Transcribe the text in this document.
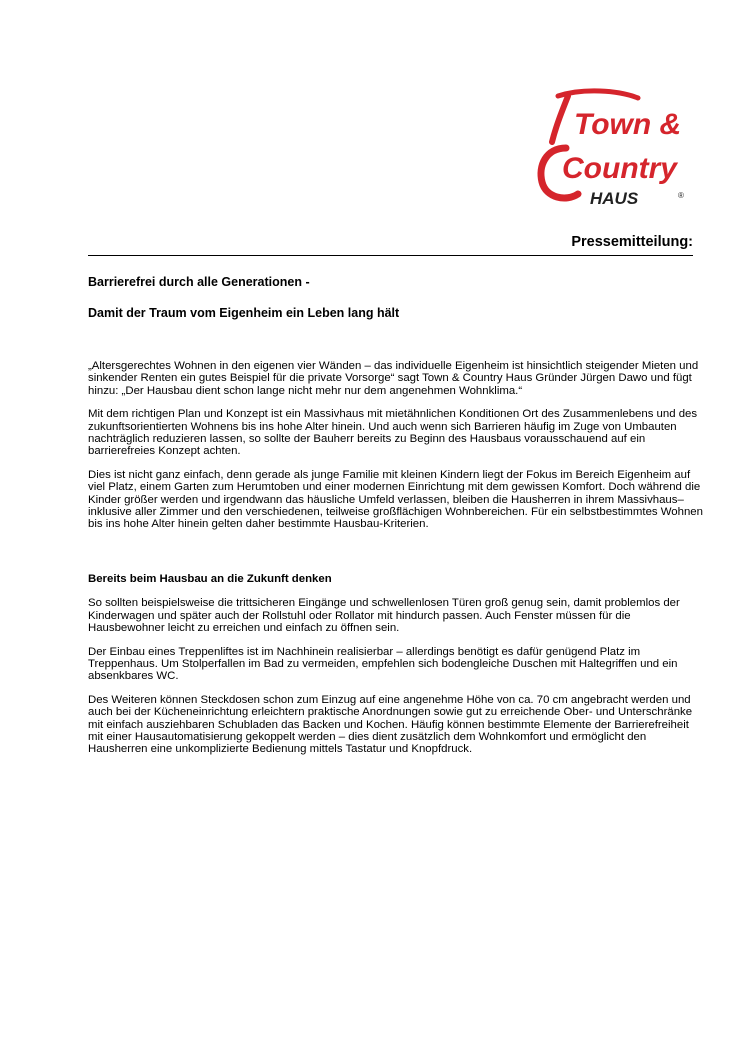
Town &
Country
HAUS	®
Pressemitteilung:
Barrierefrei durch alle Generationen -
Damit der Traum vom Eigenheim ein Leben lang hält

„Altersgerechtes Wohnen in den eigenen vier Wänden – das individuelle Eigenheim ist hinsichtlich steigender Mieten und sinkender Renten ein gutes Beispiel für die private Vorsorge“ sagt Town & Country Haus Gründer Jürgen Dawo und fügt hinzu: „Der Hausbau dient schon lange nicht mehr nur dem angenehmen Wohnklima.“

Mit dem richtigen Plan und Konzept ist ein Massivhaus mit mietähnlichen Konditionen Ort des Zusammenlebens und des zukunftsorientierten Wohnens bis ins hohe Alter hinein. Und auch wenn sich Barrieren häufig im Zuge von Umbauten nachträglich reduzieren lassen, so sollte der Bauherr bereits zu Beginn des Hausbaus vorausschauend auf ein barrierefreies Konzept achten.

Dies ist nicht ganz einfach, denn gerade als junge Familie mit kleinen Kindern liegt der Fokus im Bereich Eigenheim auf viel Platz, einem Garten zum Herumtoben und einer modernen Einrichtung mit dem gewissen Komfort. Doch während die Kinder größer werden und irgendwann das häusliche Umfeld verlassen, bleiben die Hausherren in ihrem Massivhaus– inklusive aller Zimmer und den verschiedenen, teilweise großflächigen Wohnbereichen. Für ein selbstbestimmtes Wohnen bis ins hohe Alter hinein gelten daher bestimmte Hausbau-Kriterien.

Bereits beim Hausbau an die Zukunft denken

So sollten beispielsweise die trittsicheren Eingänge und schwellenlosen Türen groß genug sein, damit problemlos der Kinderwagen und später auch der Rollstuhl oder Rollator mit hindurch passen. Auch Fenster müssen für die Hausbewohner leicht zu erreichen und einfach zu öffnen sein.

Der Einbau eines Treppenliftes ist im Nachhinein realisierbar – allerdings benötigt es dafür genügend Platz im Treppenhaus. Um Stolperfallen im Bad zu vermeiden, empfehlen sich bodengleiche Duschen mit Haltegriffen und ein absenkbares WC.

Des Weiteren können Steckdosen schon zum Einzug auf eine angenehme Höhe von ca. 70 cm angebracht werden und auch bei der Kücheneinrichtung erleichtern praktische Anordnungen sowie gut zu erreichende Ober- und Unterschränke mit einfach ausziehbaren Schubladen das Backen und Kochen. Häufig können bestimmte Elemente der Barrierefreiheit mit einer Hausautomatisierung gekoppelt werden – dies dient zusätzlich dem Wohnkomfort und ermöglicht den Hausherren eine unkomplizierte Bedienung mittels Tastatur und Knopfdruck.
